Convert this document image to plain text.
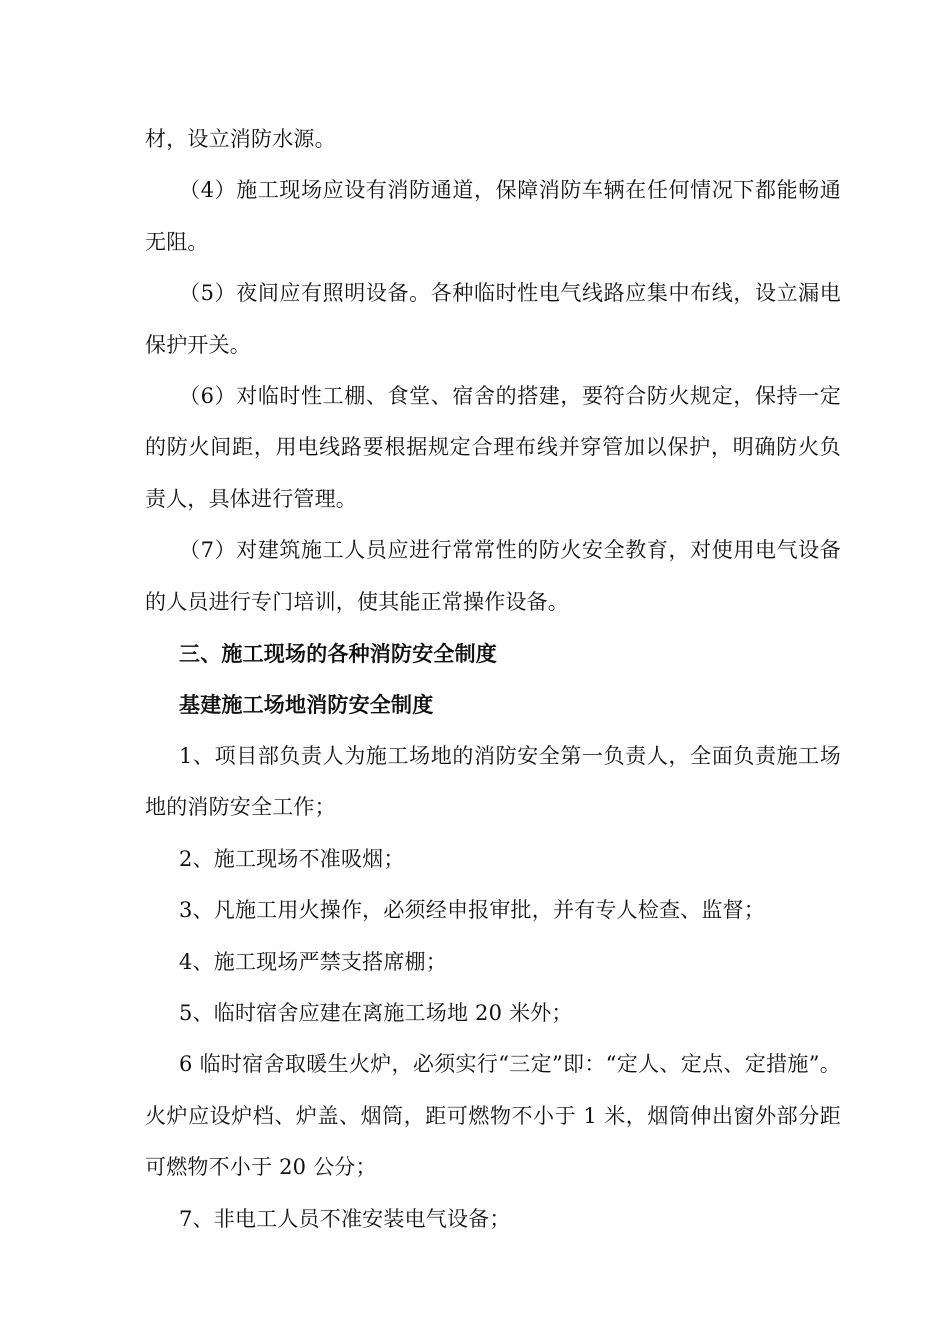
材，设立消防水源。

（4）施工现场应设有消防通道，保障消防车辆在任何情况下都能畅通无阻。

（5）夜间应有照明设备。各种临时性电气线路应集中布线，设立漏电保护开关。

（6）对临时性工棚、食堂、宿舍的搭建，要符合防火规定，保持一定的防火间距，用电线路要根据规定合理布线并穿管加以保护，明确防火负责人，具体进行管理。

（7）对建筑施工人员应进行常常性的防火安全教育，对使用电气设备的人员进行专门培训，使其能正常操作设备。

三、施工现场的各种消防安全制度

基建施工场地消防安全制度

1、项目部负责人为施工场地的消防安全第一负责人，全面负责施工场地的消防安全工作；

2、施工现场不准吸烟；

3、凡施工用火操作，必须经申报审批，并有专人检查、监督；

4、施工现场严禁支搭席棚；

5、临时宿舍应建在离施工场地 20 米外；

6 临时宿舍取暖生火炉，必须实行“三定”即：“定人、定点、定措施”。火炉应设炉档、炉盖、烟筒，距可燃物不小于 1 米，烟筒伸出窗外部分距可燃物不小于 20 公分；

7、非电工人员不准安装电气设备；
